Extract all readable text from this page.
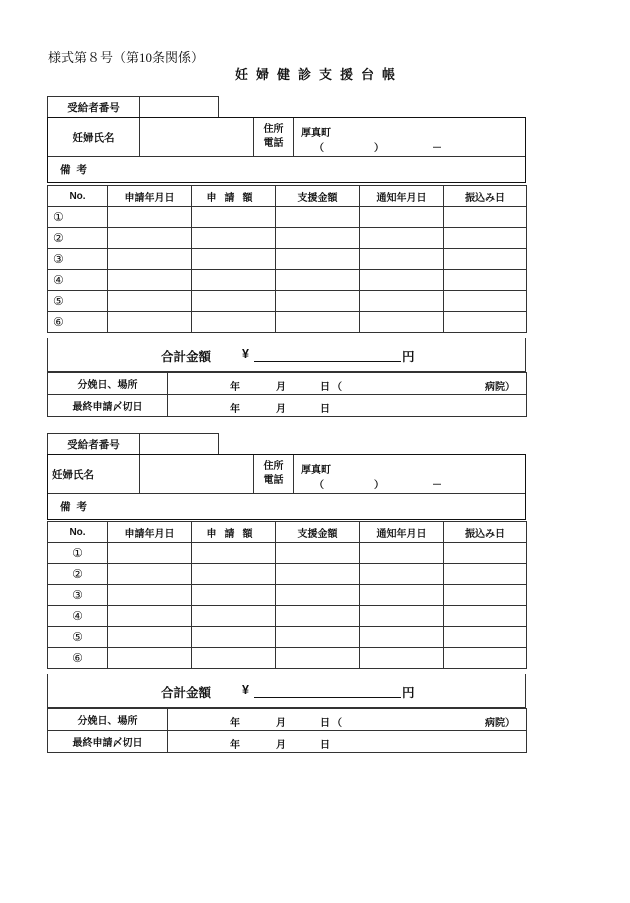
様式第８号（第10条関係）
妊婦健診支援台帳
受給者番号
妊婦氏名
住所
電話
厚真町
（	）	－
備考
No.	申請年月日	申請額	支援金額	通知年月日	振込み日
①					
②					
③					
④					
⑤					
⑥					
合計金額 ¥	円
分娩日、場所	年 月 日 （ 病院）

最終申請〆切日	年 月 日
受給者番号
妊婦氏名
住所
電話
厚真町
（	）	－
備考
No.	申請年月日	申請額	支援金額	通知年月日	振込み日
①					
②					
③					
④					
⑤					
⑥					
合計金額 ¥	円
分娩日、場所	年 月 日 （ 病院）

最終申請〆切日	年 月 日
